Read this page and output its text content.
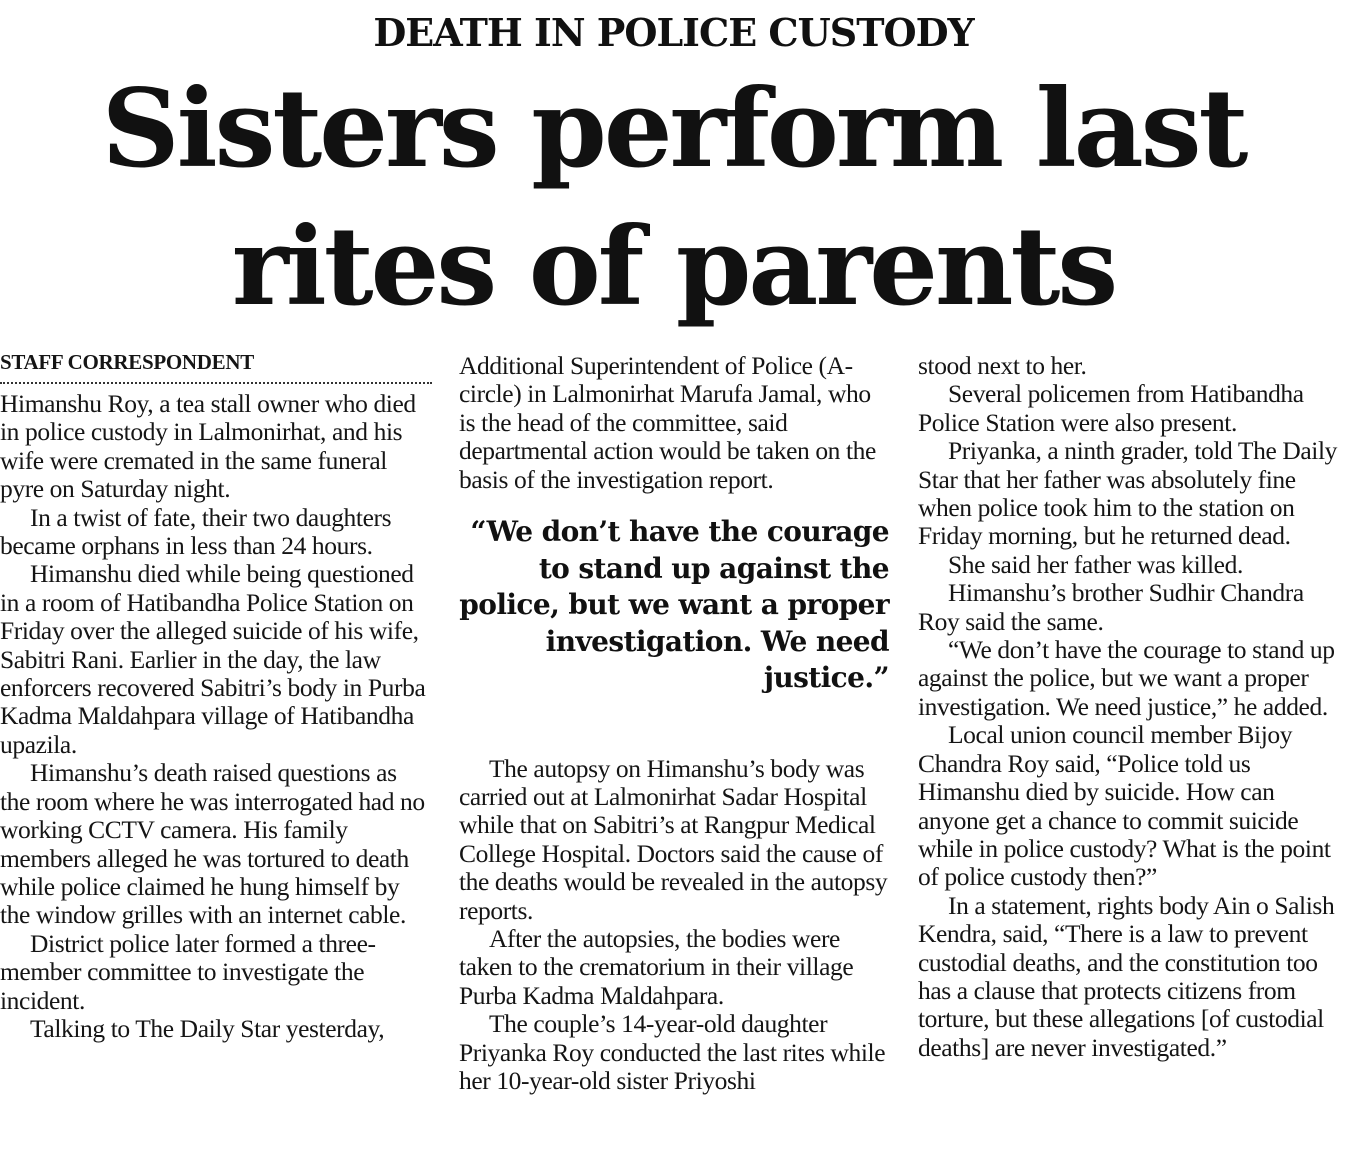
DEATH IN POLICE CUSTODY
Sisters perform last
rites of parents
STAFF CORRESPONDENT

Himanshu Roy, a tea stall owner who died in police custody in Lalmonirhat, and his wife were cremated in the same funeral pyre on Saturday night.

In a twist of fate, their two daughters became orphans in less than 24 hours.

Himanshu died while being questioned in a room of Hatibandha Police Station on Friday over the alleged suicide of his wife, Sabitri Rani. Earlier in the day, the law enforcers recovered Sabitri’s body in Purba Kadma Maldahpara village of Hatibandha upazila.

Himanshu’s death raised questions as the room where he was interrogated had no working CCTV camera. His family members alleged he was tortured to death while police claimed he hung himself by the window grilles with an internet cable.

District police later formed a three-member committee to investigate the incident.

Talking to The Daily Star yesterday,

Additional Superintendent of Police (A-circle) in Lalmonirhat Marufa Jamal, who is the head of the committee, said departmental action would be taken on the basis of the investigation report.

“We don’t have the courage to stand up against the police, but we want a proper investigation. We need justice.”

The autopsy on Himanshu’s body was carried out at Lalmonirhat Sadar Hospital while that on Sabitri’s at Rangpur Medical College Hospital. Doctors said the cause of the deaths would be revealed in the autopsy reports.

After the autopsies, the bodies were taken to the crematorium in their village Purba Kadma Maldahpara.

The couple’s 14-year-old daughter Priyanka Roy conducted the last rites while her 10-year-old sister Priyoshi

stood next to her.

Several policemen from Hatibandha Police Station were also present.

Priyanka, a ninth grader, told The Daily Star that her father was absolutely fine when police took him to the station on Friday morning, but he returned dead.

She said her father was killed.

Himanshu’s brother Sudhir Chandra Roy said the same.

“We don’t have the courage to stand up against the police, but we want a proper investigation. We need justice,” he added.

Local union council member Bijoy Chandra Roy said, “Police told us Himanshu died by suicide. How can anyone get a chance to commit suicide while in police custody? What is the point of police custody then?”

In a statement, rights body Ain o Salish Kendra, said, “There is a law to prevent custodial deaths, and the constitution too has a clause that protects citizens from torture, but these allegations [of custodial deaths] are never investigated.”
